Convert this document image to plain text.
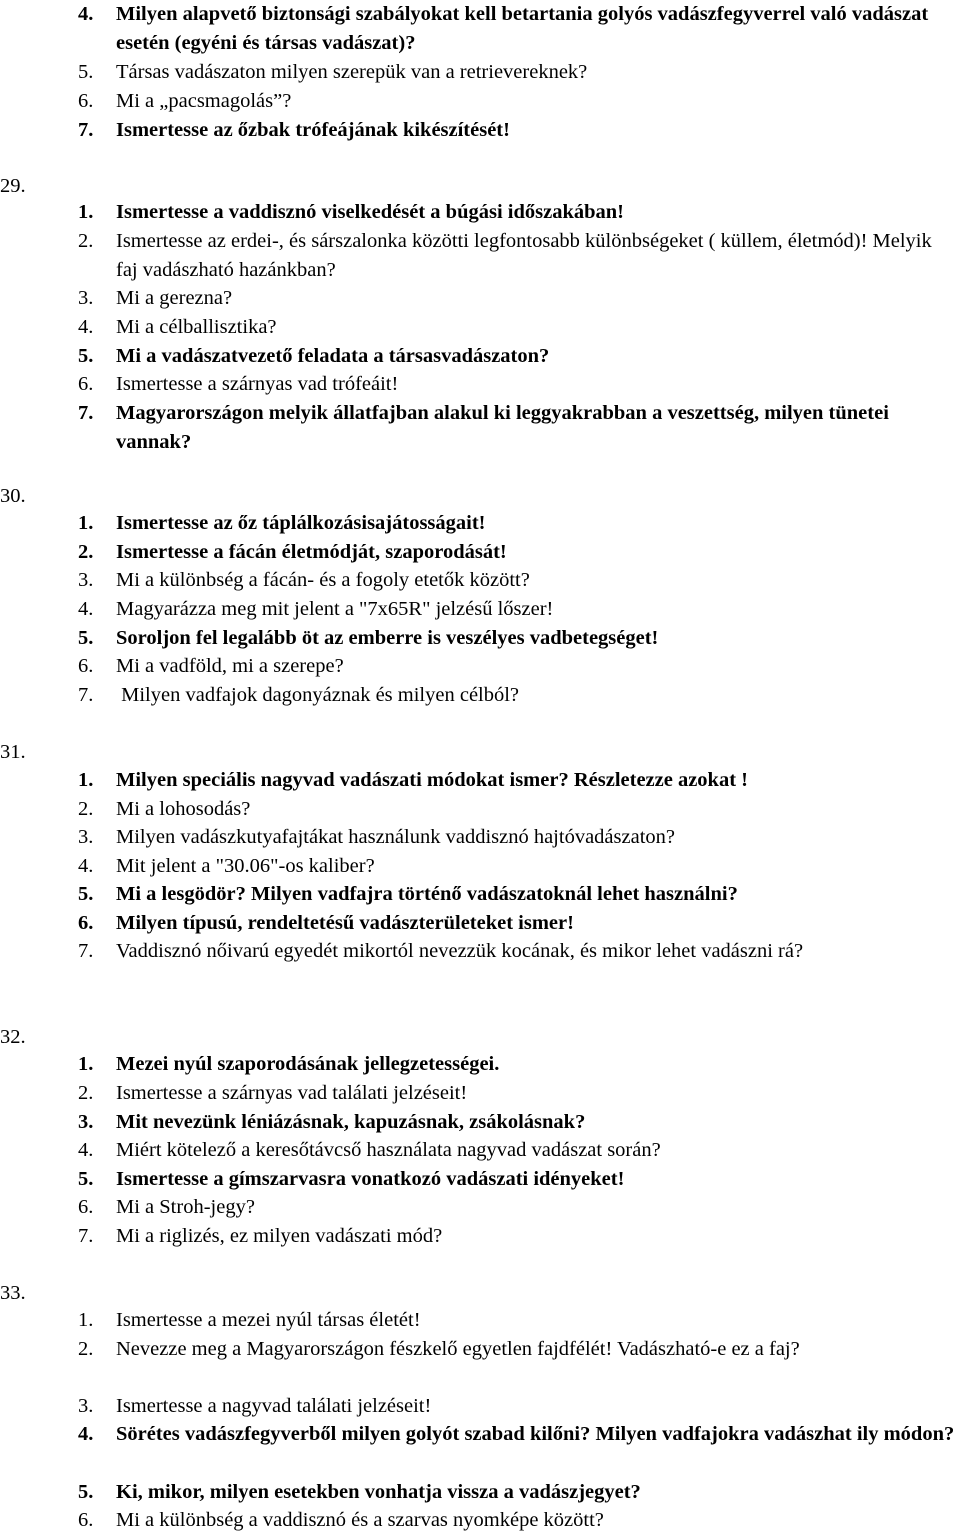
4.	Milyen alapvető biztonsági szabályokat kell betartania golyós vadászfegyverrel való vadászat esetén (egyéni és társas vadászat)?
5.	Társas vadászaton milyen szerepük van a retrievereknek?
6.	Mi a „pacsmagolás”?
7.	Ismertesse az őzbak trófeájának kikészítését!
29.
1.	Ismertesse a vaddisznó viselkedését a búgási időszakában!
2.	Ismertesse az erdei-, és sárszalonka közötti legfontosabb különbségeket ( küllem, életmód)! Melyik faj vadászható hazánkban?
3.	Mi a gerezna?
4.	Mi a célballisztika?
5.	Mi a vadászatvezető feladata a társasvadászaton?
6.	Ismertesse a szárnyas vad trófeáit!
7.	Magyarországon melyik állatfajban alakul ki leggyakrabban a veszettség, milyen tünetei vannak?
30.
1.	Ismertesse az őz táplálkozásisajátosságait!
2.	Ismertesse a fácán életmódját, szaporodását!
3.	Mi a különbség a fácán- és a fogoly etetők között?
4.	Magyarázza meg mit jelent a "7x65R" jelzésű lőszer!
5.	Soroljon fel legalább öt az emberre is veszélyes vadbetegséget!
6.	Mi a vadföld, mi a szerepe?
7.	Milyen vadfajok dagonyáznak és milyen célból?
31.
1.	Milyen speciális nagyvad vadászati módokat ismer? Részletezze azokat !
2.	Mi a lohosodás?
3.	Milyen vadászkutyafajtákat használunk vaddisznó hajtóvadászaton?
4.	Mit jelent a "30.06"-os kaliber?
5.	Mi a lesgödör? Milyen vadfajra történő vadászatoknál lehet használni?
6.	Milyen típusú, rendeltetésű vadászterületeket ismer!
7.	Vaddisznó nőivarú egyedét mikortól nevezzük kocának, és mikor lehet vadászni rá?
32.
1.	Mezei nyúl szaporodásának jellegzetességei.
2.	Ismertesse a szárnyas vad találati jelzéseit!
3.	Mit nevezünk léniázásnak, kapuzásnak, zsákolásnak?
4.	Miért kötelező a keresőtávcső használata nagyvad vadászat során?
5.	Ismertesse a gímszarvasra vonatkozó vadászati idényeket!
6.	Mi a Stroh-jegy?
7.	Mi a riglizés, ez milyen vadászati mód?
33.
1.	Ismertesse a mezei nyúl társas életét!
2.	Nevezze meg a Magyarországon fészkelő egyetlen fajdfélét! Vadászható-e ez a faj?
3.	Ismertesse a nagyvad találati jelzéseit!
4.	Sörétes vadászfegyverből milyen golyót szabad kilőni? Milyen vadfajokra vadászhat ily módon?
5.	Ki, mikor, milyen esetekben vonhatja vissza a vadászjegyet?
6.	Mi a különbség a vaddisznó és a szarvas nyomképe között?
